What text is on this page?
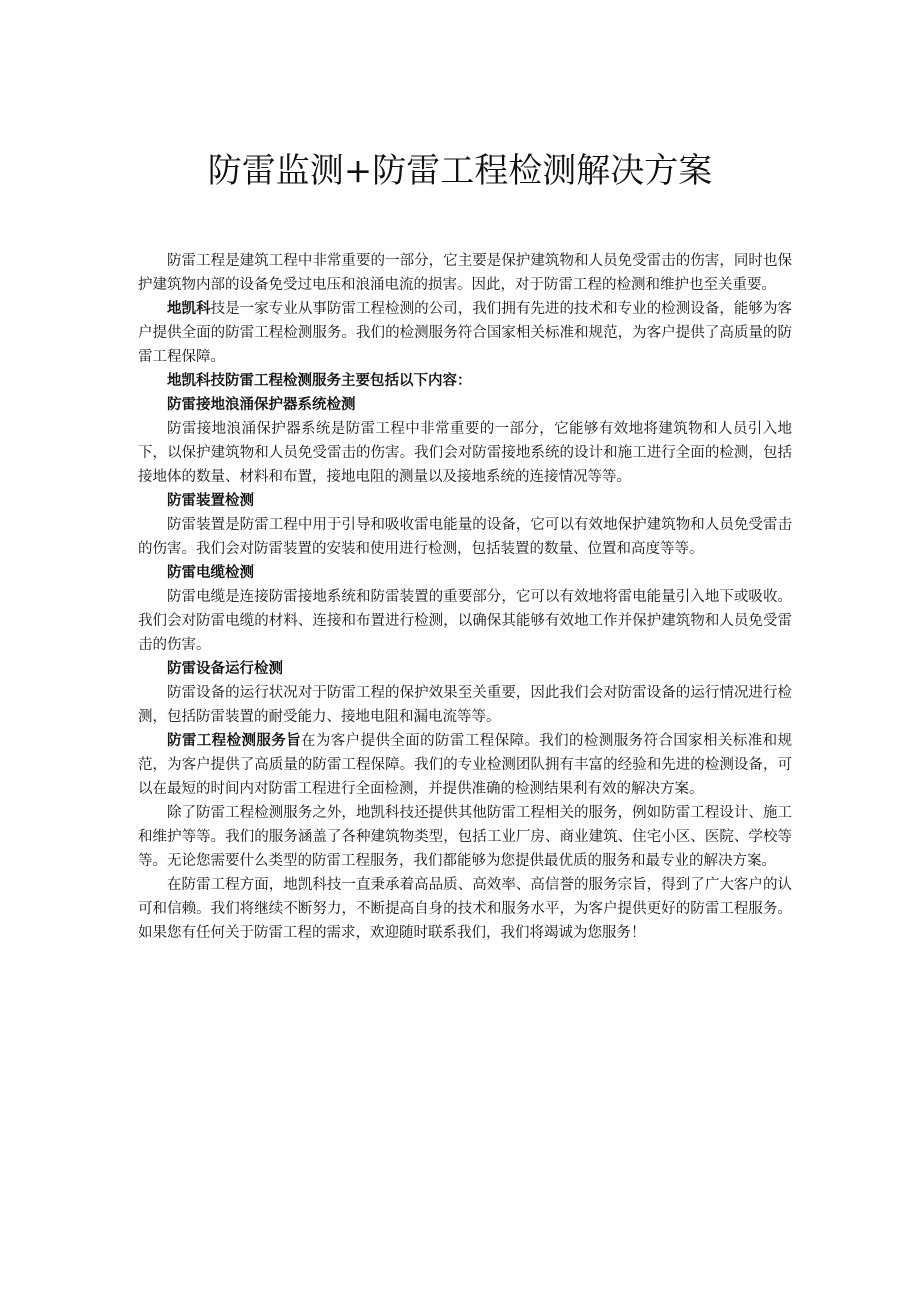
防雷监测+防雷工程检测解决方案

防雷工程是建筑工程中非常重要的一部分，它主要是保护建筑物和人员免受雷击的伤害，同时也保护建筑物内部的设备免受过电压和浪涌电流的损害。因此，对于防雷工程的检测和维护也至关重要。

地凯科技是一家专业从事防雷工程检测的公司，我们拥有先进的技术和专业的检测设备，能够为客户提供全面的防雷工程检测服务。我们的检测服务符合国家相关标准和规范，为客户提供了高质量的防雷工程保障。

地凯科技防雷工程检测服务主要包括以下内容：

防雷接地浪涌保护器系统检测

防雷接地浪涌保护器系统是防雷工程中非常重要的一部分，它能够有效地将建筑物和人员引入地下，以保护建筑物和人员免受雷击的伤害。我们会对防雷接地系统的设计和施工进行全面的检测，包括接地体的数量、材料和布置，接地电阻的测量以及接地系统的连接情况等等。

防雷装置检测

防雷装置是防雷工程中用于引导和吸收雷电能量的设备，它可以有效地保护建筑物和人员免受雷击的伤害。我们会对防雷装置的安装和使用进行检测，包括装置的数量、位置和高度等等。

防雷电缆检测

防雷电缆是连接防雷接地系统和防雷装置的重要部分，它可以有效地将雷电能量引入地下或吸收。我们会对防雷电缆的材料、连接和布置进行检测，以确保其能够有效地工作并保护建筑物和人员免受雷击的伤害。

防雷设备运行检测

防雷设备的运行状况对于防雷工程的保护效果至关重要，因此我们会对防雷设备的运行情况进行检测，包括防雷装置的耐受能力、接地电阻和漏电流等等。

防雷工程检测服务旨在为客户提供全面的防雷工程保障。我们的检测服务符合国家相关标准和规范，为客户提供了高质量的防雷工程保障。我们的专业检测团队拥有丰富的经验和先进的检测设备，可以在最短的时间内对防雷工程进行全面检测，并提供准确的检测结果利有效的解决方案。

除了防雷工程检测服务之外，地凯科技还提供其他防雷工程相关的服务，例如防雷工程设计、施工和维护等等。我们的服务涵盖了各种建筑物类型，包括工业厂房、商业建筑、住宅小区、医院、学校等等。无论您需要什么类型的防雷工程服务，我们都能够为您提供最优质的服务和最专业的解决方案。

在防雷工程方面，地凯科技一直秉承着高品质、高效率、高信誉的服务宗旨，得到了广大客户的认可和信赖。我们将继续不断努力，不断提高自身的技术和服务水平，为客户提供更好的防雷工程服务。如果您有任何关于防雷工程的需求，欢迎随时联系我们，我们将竭诚为您服务！
